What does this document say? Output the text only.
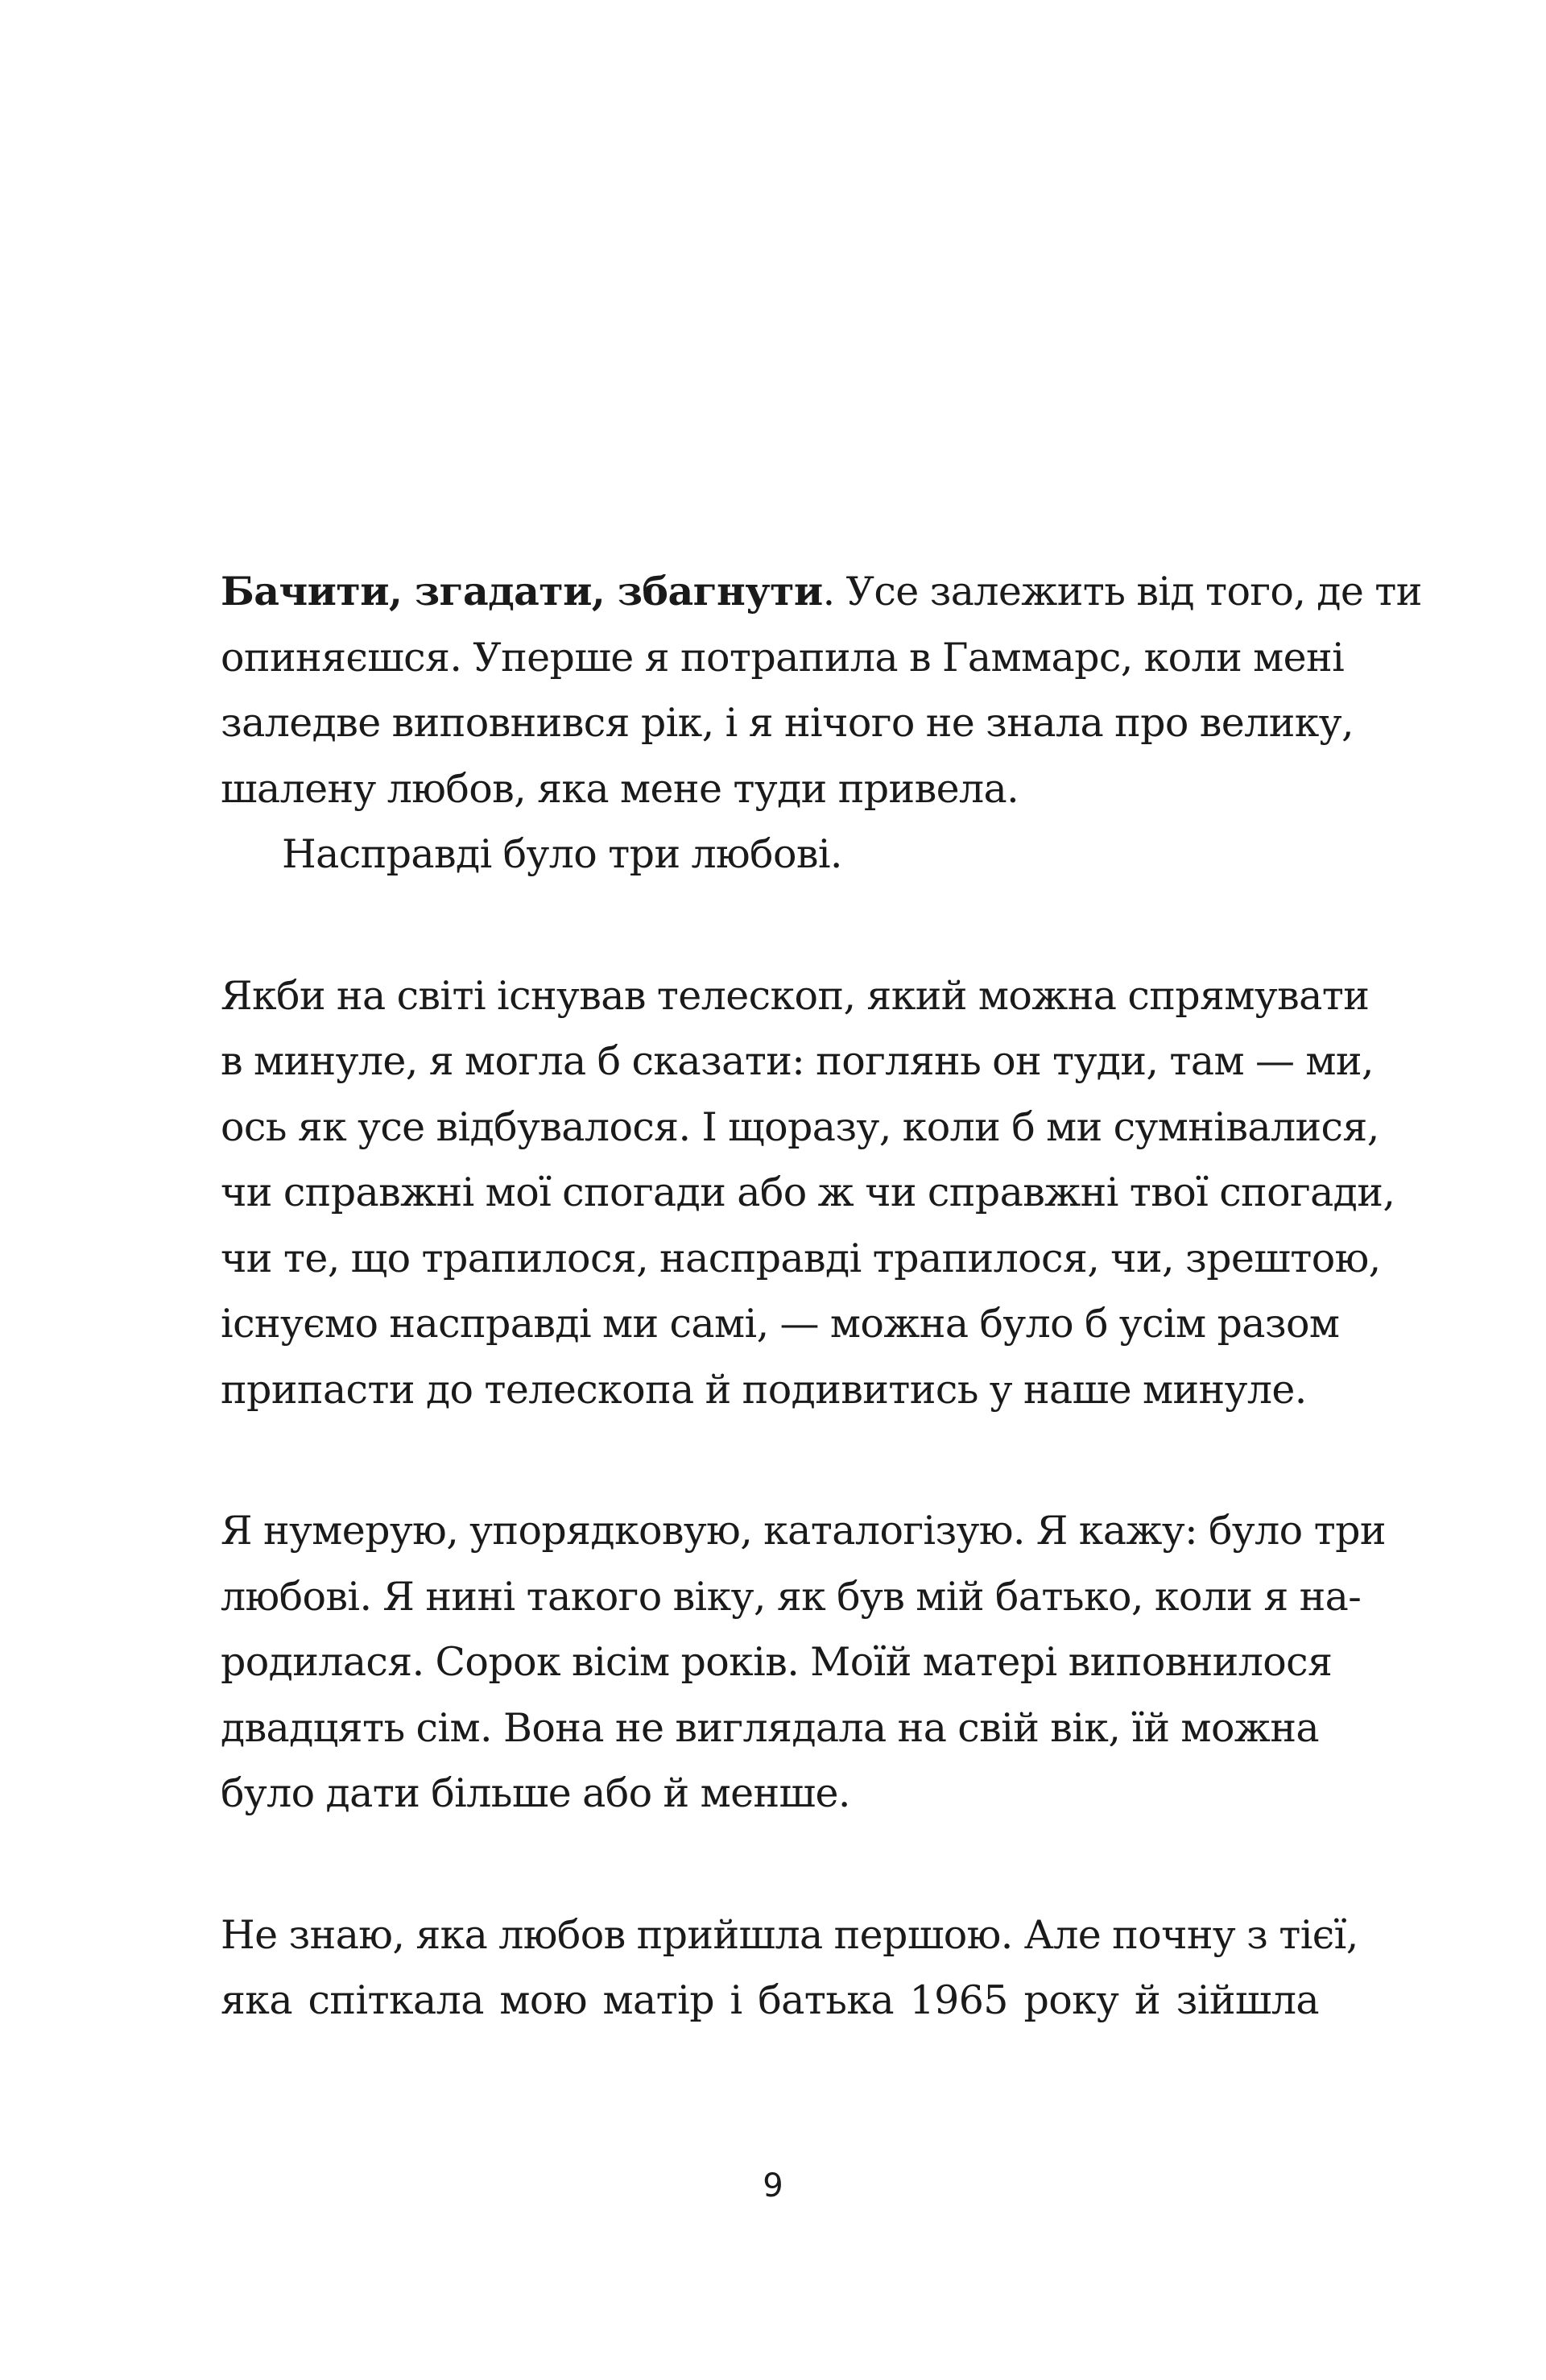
Бачити, згадати, збагнути. Усе залежить від того, де ти
опиняєшся. Уперше я потрапила в Гаммарс, коли мені
заледве виповнився рік, і я нічого не знала про велику,
шалену любов, яка мене туди привела.
Насправді було три любові.
Якби на світі існував телескоп, який можна спрямувати
в минуле, я могла б сказати: поглянь он туди, там — ми,
ось як усе відбувалося. І щоразу, коли б ми сумнівалися,
чи справжні мої спогади або ж чи справжні твої спогади,
чи те, що трапилося, насправді трапилося, чи, зрештою,
існуємо насправді ми самі, — можна було б усім разом
припасти до телескопа й подивитись у наше минуле.
Я нумерую, упорядковую, каталогізую. Я кажу: було три
любові. Я нині такого віку, як був мій батько, коли я на-
родилася. Сорок вісім років. Моїй матері виповнилося
двадцять сім. Вона не виглядала на свій вік, їй можна
було дати більше або й менше.
Не знаю, яка любов прийшла першою. Але почну з тієї,
яка спіткала мою матір і батька 1965 року й зійшла
9
